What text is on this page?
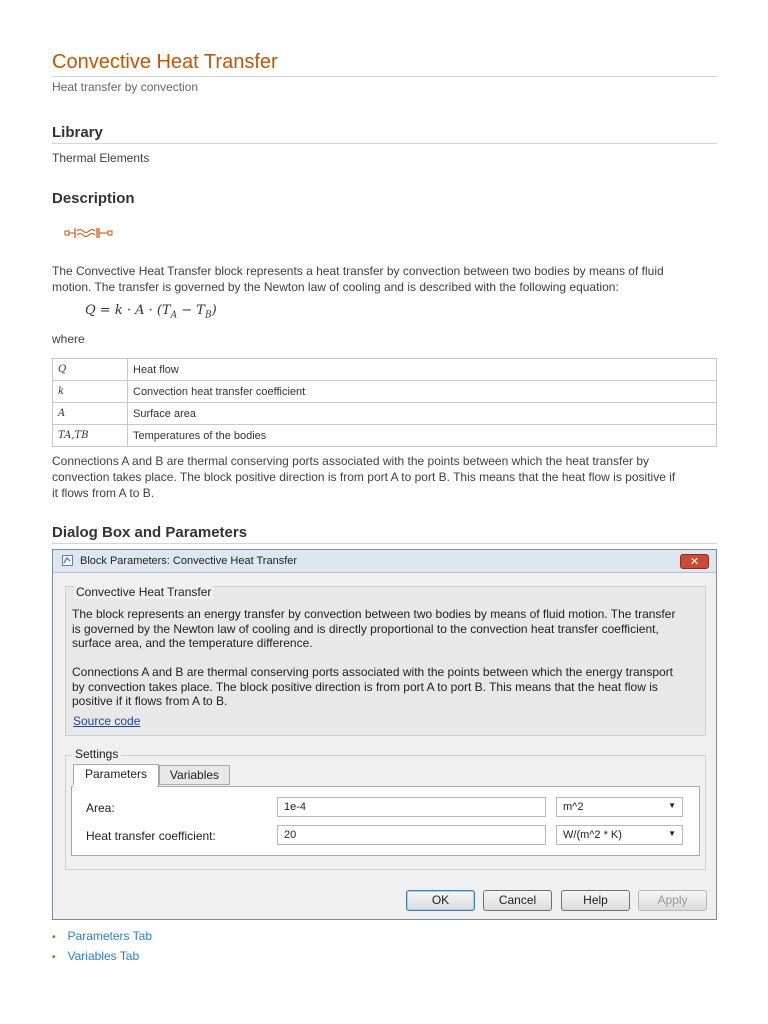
Convective Heat Transfer
Heat transfer by convection
Library
Thermal Elements
Description
The Convective Heat Transfer block represents a heat transfer by convection between two bodies by means of fluid
motion. The transfer is governed by the Newton law of cooling and is described with the following equation:
$Q = k \cdot A \cdot (T_A - T_B)$
where
Q	Heat flow
k	Convection heat transfer coefficient
A	Surface area
TA,TB	Temperatures of the bodies
Connections A and B are thermal conserving ports associated with the points between which the heat transfer by
convection takes place. The block positive direction is from port A to port B. This means that the heat flow is positive if
it flows from A to B.
Dialog Box and Parameters
Block Parameters: Convective Heat Transfer	✕
Convective Heat Transfer
The block represents an energy transfer by convection between two bodies by means of fluid motion. The transfer
is governed by the Newton law of cooling and is directly proportional to the convection heat transfer coefficient,
surface area, and the temperature difference.
Connections A and B are thermal conserving ports associated with the points between which the energy transport
by convection takes place. The block positive direction is from port A to port B. This means that the heat flow is
positive if it flows from A to B.
Source code
Settings
Parameters	Variables
Area:	1e-4	m^2	▼
Heat transfer coefficient:	20	W/(m^2 * K)	▼
OK	Cancel	Help	Apply
• Parameters Tab
• Variables Tab
